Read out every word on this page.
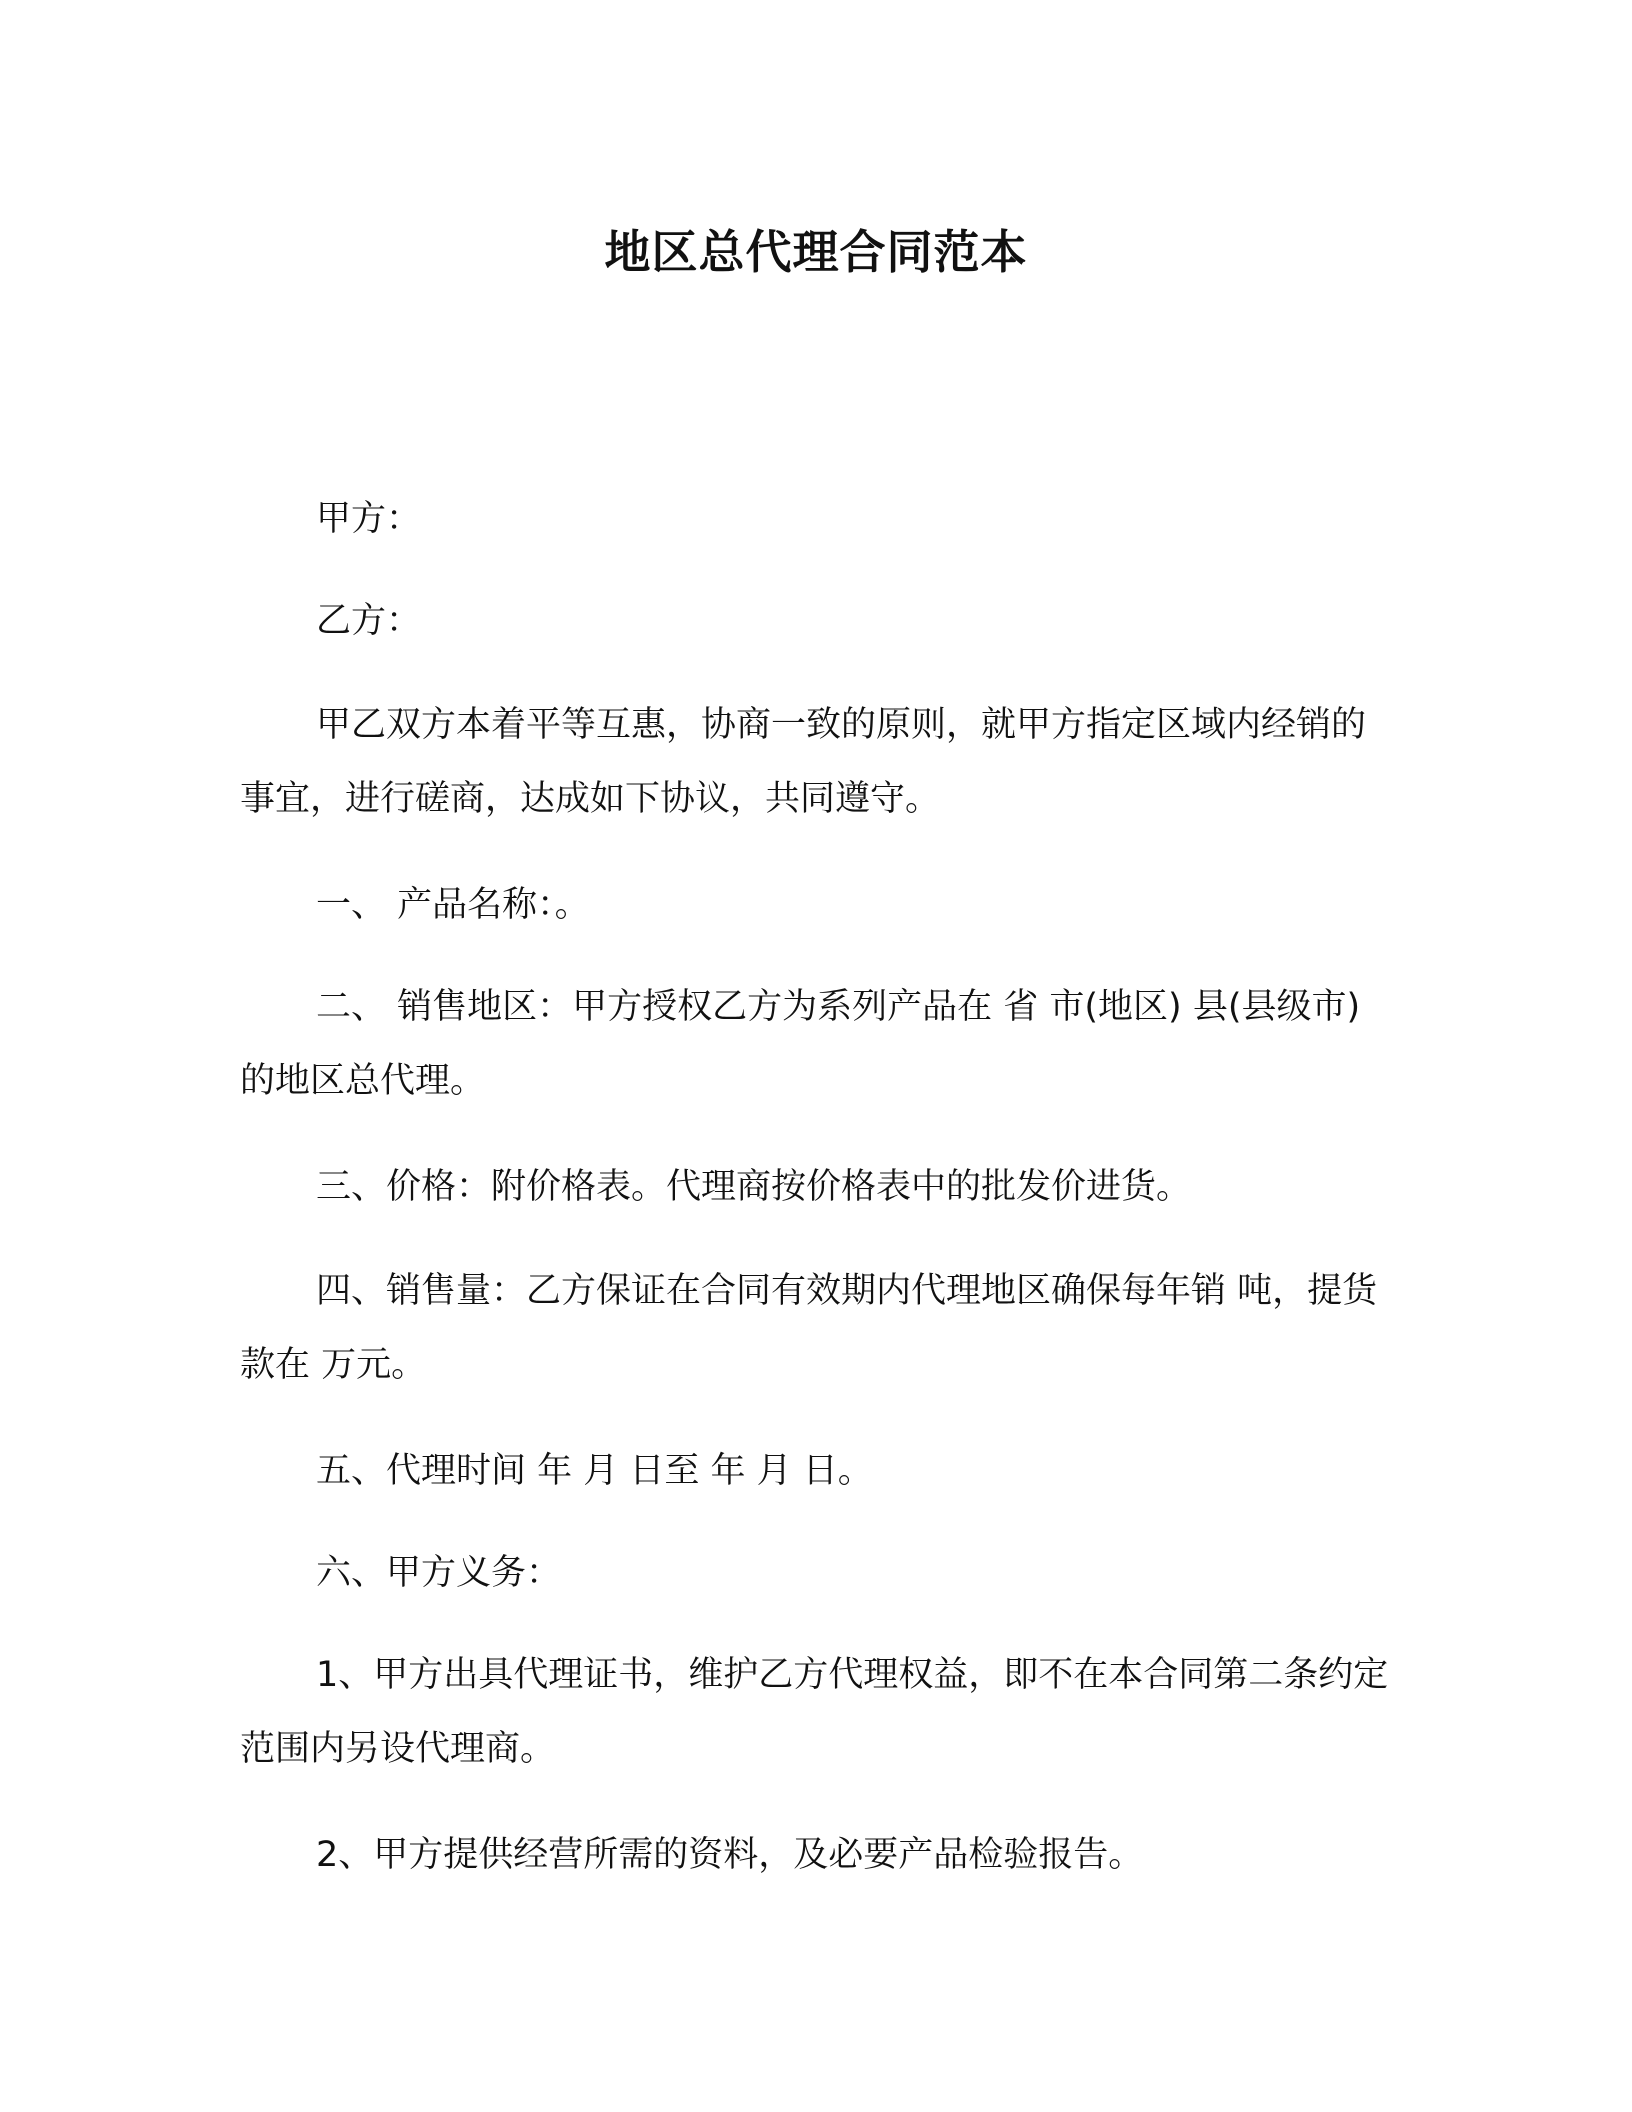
地区总代理合同范本

甲方：

乙方：

甲乙双方本着平等互惠，协商一致的原则，就甲方指定区域内经销的事宜，进行磋商，达成如下协议，共同遵守。

一、 产品名称：。

二、 销售地区：甲方授权乙方为系列产品在 省 市(地区) 县(县级市)的地区总代理。

三、价格：附价格表。代理商按价格表中的批发价进货。

四、销售量：乙方保证在合同有效期内代理地区确保每年销 吨，提货款在 万元。

五、代理时间 年 月 日至 年 月 日。

六、甲方义务：

1、甲方出具代理证书，维护乙方代理权益，即不在本合同第二条约定范围内另设代理商。

2、甲方提供经营所需的资料，及必要产品检验报告。
